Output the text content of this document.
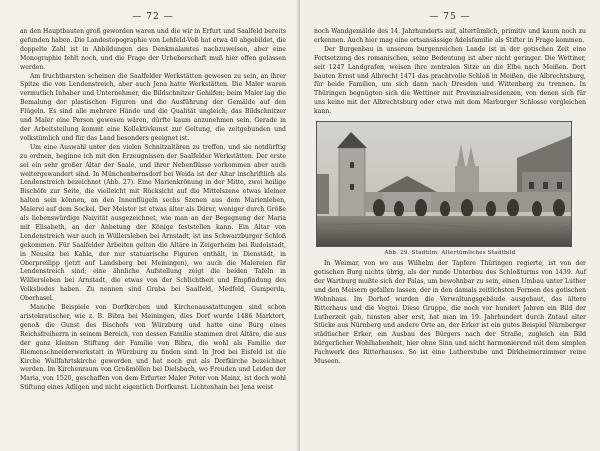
— 72 —

an den Hauptbauten groß geworden waren und die wir in Erfurt und Saalfeld bereits gefunden haben. Die Landestopographie von Lehfeld-Voß hat etwa 40 abgebildet, die doppelte Zahl ist in Abbildungen des Denkmalamtes nachzuweisen, aber eine Monographie fehlt noch, und die Frage der Urheberschaft muß hier offen gelassen werden.

Am fruchtbarsten scheinen die Saalfelder Werkstätten gewesen zu sein, an ihrer Spitze die von Lendenstreich, aber auch Jena hatte Werkstätten. Die Maler waren vermutlich Inhaber und Unternehmer, die Bildschnitzer Gehilfen; beim Maler lag die Bemalung der plastischen Figuren und die Ausführung der Gemälde auf den Flügeln. Es sind alle mehrere Hände und die Qualität ungleich; das Bildschnitzer und Maler eine Person gewesen wären, dürfte kaum anzunehmen sein. Gerade in der Arbeitsteilung kommt eine Kollektivkunst zur Geltung, die zeitgebunden und volkstümlich und für das Land besonders geeignet ist.

Um eine Auswahl unter den vielen Schnitzaltären zu treffen, und sie notdürftig zu ordnen, beginne ich mit den Erzeugnissen der Saalfelder Werkstätten. Der erste sei ein sehr großer Altar der Saale, und ihrer Nebenflüsse vorkommen aber auch weitergewandert sind. In Münchenbernsdorf bei Weida ist der Altar inschriftlich als Lendenstreich bezeichnet (Abb. 27). Eine Marienkrönung in der Mitte, zwei heilige Bischöfe zur Seite, die vielleicht mit Rücksicht auf die Mittelszene etwas kleiner halten sein können, an den Innenflügeln sechs Szenen aus dem Marienleben, Malerei auf dem Sockel. Der Meister ist etwas älter als Dürer, weniger durch Größe als liebenswürdige Naivität ausgezeichnet, wie man an der Begegnung der Maria mit Elisabeth, an der Anbetung der Könige feststellen kann. Ein Altar von Lendenstreich war auch in Wüllersleben bei Arnstadt, ist ins Schwarzburger Schloß gekommen. Für Saalfelder Arbeiten gelten die Altäre in Zeigerheim bei Rudolstadt, in Neusitz bei Kahla, der nur statuarische Figuren enthält, in Dienstädt, in Oberpreilipp (jetzt auf Landsberg bei Meiningen), wo auch die Malereien für Lendenstreich sind; eine ähnliche Aufstellung zeigt die beiden Tafeln in Wüllersleben bei Arnstadt, die etwas von der Schlichtheit und Empfindung des Volksliedes haben. Zu nennen sind Graba bei Saalfeld, Medfeld, Gumperda, Oberhasel.

Manche Beispiele von Dorfkirchen und Kirchenausstattungen sind schon aristokratischer, wie z. B. Bibra bei Meiningen, dies Dorf wurde 1486 Marktort, genoß die Gunst des Bischofs von Würzburg und hatte eine Burg eines Reichsfreiherrn in seinem Bereich, von dessen Familie stammen drei Altäre, die aus der ganz kleinen Stiftung der Familie von Bibra, die wohl als Familie der Riemenschneiderwerkstatt in Würzburg zu finden sind. In Jrod bei Eisfeld ist die Kirche Wallfahrtskirche geworden und hat noch gut als Dorfkirche bezeichnet werden. Im Kirchenraum von Großmöllen bei Dielsbach, wo Freuden und Leiden der Maria, von 1520, geschaffen von dem Erfurter Maler Peter von Mainz, ist doch wohl Stiftung eines Adligen und nicht eigentlich Dorfkunst. Lichtenhain bei Jena weist

— 75 —

noch Wandgemälde des 14. Jahrhunderts auf, altertümlich, primitiv und kaum noch zu erkennen. Auch hier mag eine ortsansässige Adelsfamilie als Stifter in Frage kommen.

Der Burgenbau in unserem burgenreichen Lande ist in der gotischen Zeit eine Fortsetzung des romanischen, seine Bedeutung ist aber nicht geringer. Die Wettiner, seit 1247 Landgrafen, weisen ihre zentralen Sitze an die Elbe nach Meißen. Dort bauten Ernst und Albrecht 1471 das prachtvolle Schloß in Meißen, die Albrechtsburg, für beide Familien, um sich dann nach Dresden und Wittenberg zu trennen. In Thüringen begnügten sich die Wettiner mit Provinzialresidenzen, von denen sich für uns keine mit der Albrechtsburg oder etwa mit dem Marburger Schlosse vergleichen kann.

Abb. 29. Stadtilm. Altertümliches Stadtbild

In Weimar, von wo aus Wilhelm der Tapfere Thüringen regierte, ist von der gotischen Burg nichts übrig, als der runde Unterbau des Schloßturms von 1439. Auf der Wartburg mußte sich der Palas, um bewohnbar zu sein, einen Umbau unter Luther und den Meisern gefallen lassen, der in den damals zeitlichsten Formen des gotischen Wohnhaus. Im Dorhof wurden die Verwaltungsgebäude ausgebaut, das ältere Ritterhaus und die Vogtei. Diese Gruppe, die noch vor hundert Jahren ein Bild der Lutherzeit gab, tunsten aber erst, hat man im 19. Jahrhundert durch Zutaul alter Stücke aus Nürnberg und andere Orte an, der Erker ist ein gutes Beispiel Nürnberger städtischer Erker, ein Ausbau des Bürgers nach der Straße, zugleich ein Bild bürgerlicher Wohlhabenheit, hier ohne Sinn und nicht harmonierend mit dem simplen Fachwerk des Ritterhauses. So ist eine Lutherstube und Dirkheimerzimmer reine Museen.
